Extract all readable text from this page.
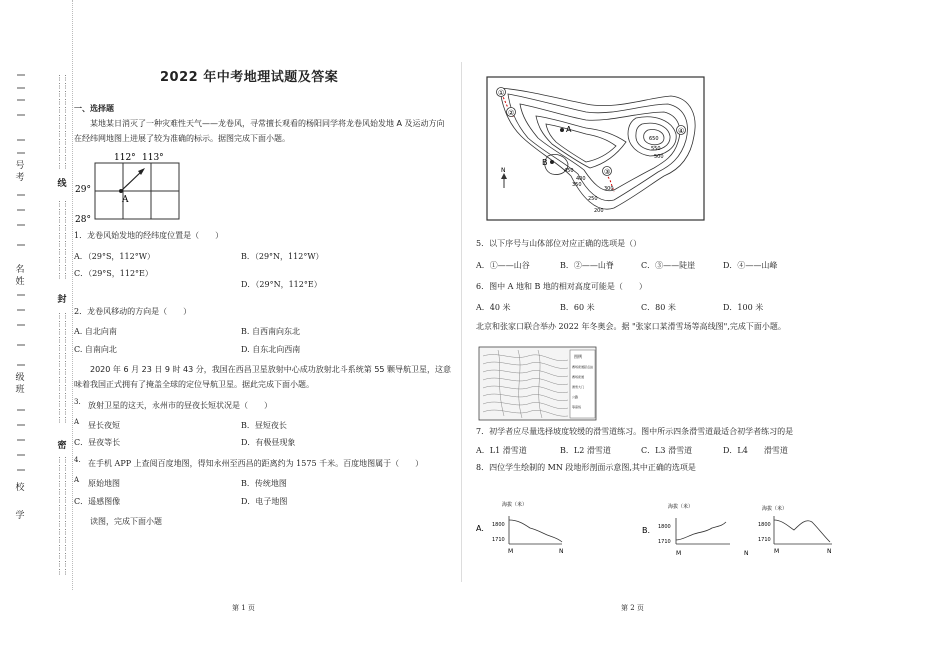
号
考
名
姓
级
班
校
学
线
封
密
⋮⋮
⋮⋮
⋮⋮
⋮⋮
⋮⋮
⋮⋮
⋮⋮
⋮⋮
⋮⋮
⋮⋮
⋮⋮
⋮⋮
⋮⋮
⋮⋮
⋮⋮
⋮⋮
⋮⋮
⋮⋮
⋮⋮
⋮⋮
⋮⋮
⋮⋮
⋮⋮
⋮⋮
⋮⋮
⋮⋮
⋮⋮
⋮⋮
⋮⋮
⋮⋮
⋮⋮
⋮⋮
⋮⋮
⋮⋮
⋮⋮
⋮⋮
⋮⋮
⋮⋮
⋮⋮
⋮⋮
⋮⋮
⋮⋮
⋮⋮
⋮⋮
⋮⋮
⋮⋮
⋮⋮
⋮⋮
⋮⋮
⋮⋮
⋮⋮
2022 年中考地理试题及答案
一、选择题
某地某日消灭了一种灾难性天气——龙卷风，寻常擅长观看的杨阳同学将龙卷风始发地 A 及运动方向在经纬网地图上进展了较为准确的标示。据图完成下面小题。
112° 113°
29°
28°
A
1．龙卷风始发地的经纬度位置是（　　）
A．（29°S，112°W）	B．（29°N，112°W）
C．（29°S，112°E）
D．（29°N，112°E）
2．龙卷风移动的方向是（　　）
A. 自北向南	B. 自西南向东北
C. 自南向北	D. 自东北向西南
2020 年 6 月 23 日 9 时 43 分，我国在西昌卫星放射中心成功放射北斗系统第 55 颗导航卫星，这意味着我国正式拥有了掩盖全球的定位导航卫星。据此完成下面小题。
3. 放射卫星的这天，永州市的昼夜长短状况是（　　）
A 昼长夜短	B．昼短夜长
C．昼夜等长	D．有极昼现象
4. 在手机 APP 上查阅百度地图，得知永州至西昌的距离约为 1575 千米。百度地图属于（　　）
A 原始地图	B．传统地图
C．遥感图像	D．电子地图
读图，完成下面小题
第 1 页
①
②
③
④
A
B
650
550
500
450
400
350
300
250
200
N
5．以下序号与山体部位对应正确的选项是（）
A．①——山谷	B．②——山脊	C．③——陡崖	D．④——山峰
6．图中 A 地和 B 地的相对高度可能是（　　）
A．40 米	B．60 米	C．80 米	D．100 米
北京和张家口联合举办 2022 年冬奥会。据 "张家口某滑雪场等高线图",完成下面小题。
图例
赛场索道起点站
赛场索道
滑雪大门
公路
等高线
7．初学者应尽量选择坡度较缓的滑雪道练习。图中所示四条滑雪道最适合初学者练习的是
A．L1 滑雪道	B．L2 滑雪道	C．L3 滑雪道	D．L4　　滑雪道
8．四位学生绘制的 MN 段地形剖面示意图,其中正确的选项是
A.
海拔（米）
1800
1710
M	N
B.
海拔（米）
1800
1710
M	N
海拔（米）
1800
1710
M	N
第 2 页
